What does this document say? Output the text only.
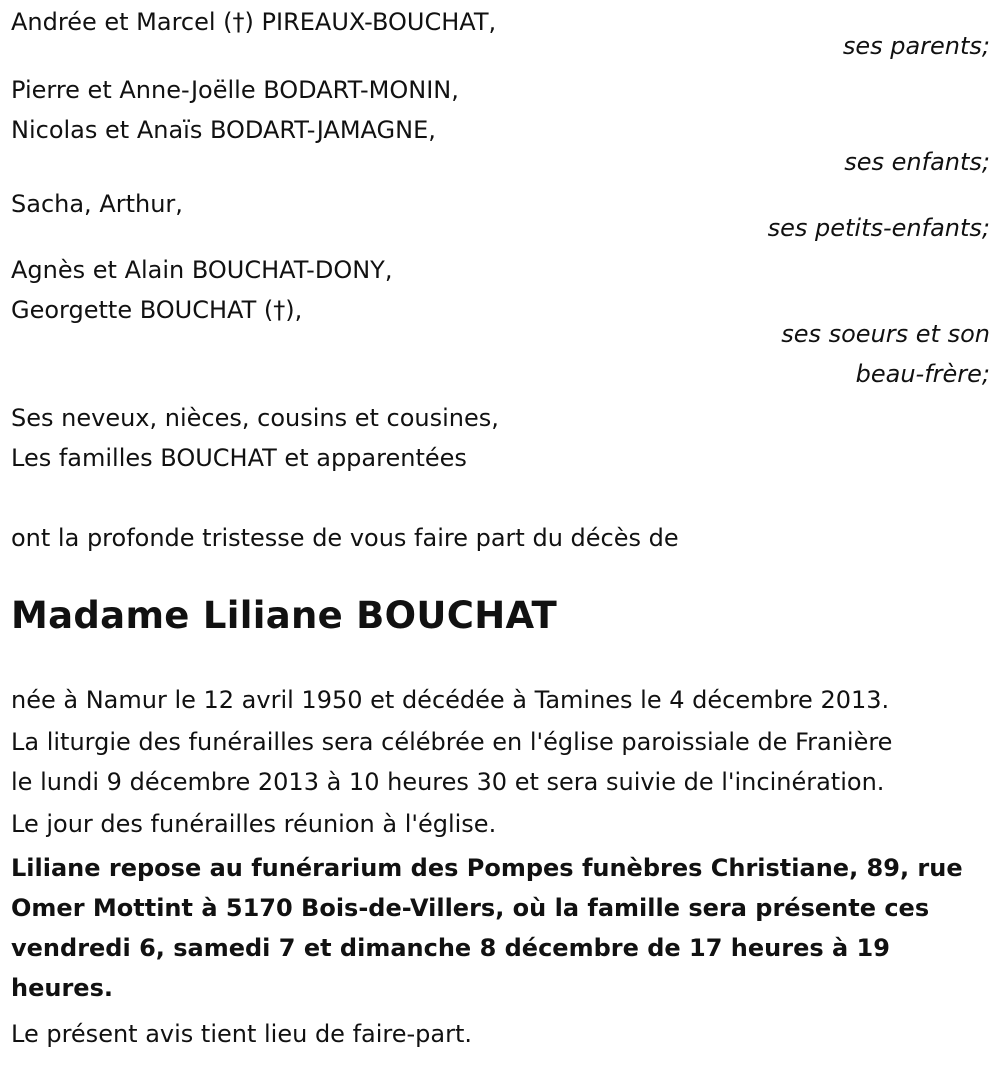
Andrée et Marcel (†) PIREAUX-BOUCHAT,
ses parents;
Pierre et Anne-Joëlle BODART-MONIN,
Nicolas et Anaïs BODART-JAMAGNE,
ses enfants;
Sacha, Arthur,
ses petits-enfants;
Agnès et Alain BOUCHAT-DONY,
Georgette BOUCHAT (†),
ses soeurs et son
beau-frère;
Ses neveux, nièces, cousins et cousines,
Les familles BOUCHAT et apparentées
ont la profonde tristesse de vous faire part du décès de
Madame Liliane BOUCHAT
née à Namur le 12 avril 1950 et décédée à Tamines le 4 décembre 2013.
La liturgie des funérailles sera célébrée en l'église paroissiale de Franière
le lundi 9 décembre 2013 à 10 heures 30 et sera suivie de l'incinération.
Le jour des funérailles réunion à l'église.
Liliane repose au funérarium des Pompes funèbres Christiane, 89, rue Omer Mottint à 5170 Bois-de-Villers, où la famille sera présente ces vendredi 6, samedi 7 et dimanche 8 décembre de 17 heures à 19 heures.
Le présent avis tient lieu de faire-part.
